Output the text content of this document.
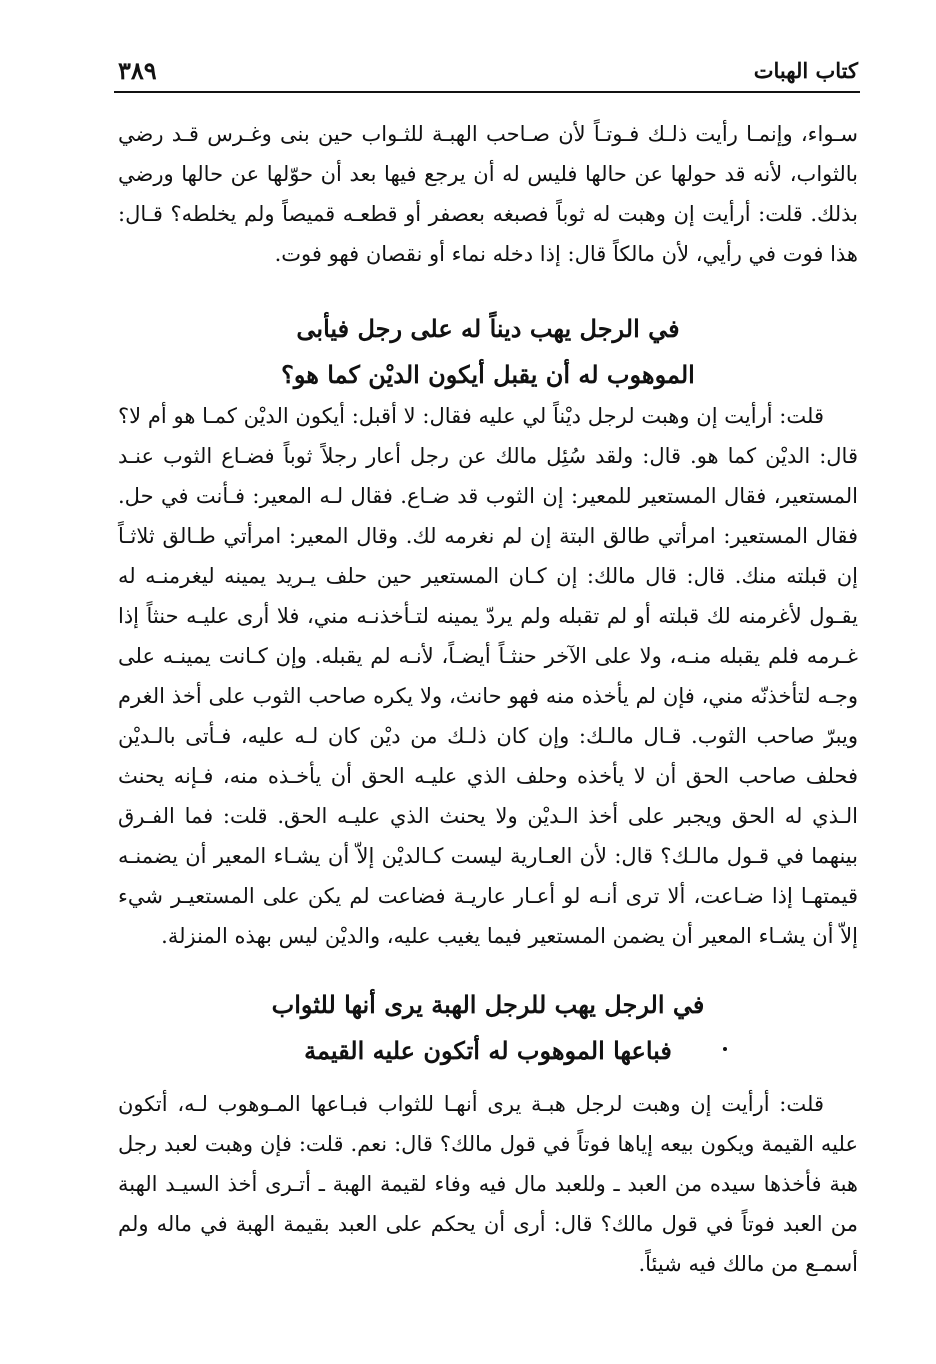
كتاب الهبات
٣٨٩

سـواء، وإنمـا رأيت ذلـك فـوتـاً لأن صـاحب الهبـة للثـواب حين بنى وغـرس قـد رضي بالثواب، لأنه قد حولها عن حالها فليس له أن يرجع فيها بعد أن حوّلها عن حالها ورضي بذلك. قلت: أرأيت إن وهبت له ثوباً فصبغه بعصفر أو قطعـه قميصاً ولم يخلطه؟ قـال: هذا فوت في رأيي، لأن مالكاً قال: إذا دخله نماء أو نقصان فهو فوت.

في الرجل يهب ديناً له على رجل فيأبى
الموهوب له أن يقبل أيكون الديْن كما هو؟

قلت: أرأيت إن وهبت لرجل ديْناً لي عليه فقال: لا أقبل: أيكون الديْن كمـا هو أم لا؟ قال: الديْن كما هو. قال: ولقد سُئِل مالك عن رجل أعار رجلاً ثوباً فضـاع الثوب عنـد المستعير، فقال المستعير للمعير: إن الثوب قد ضـاع. فقال لـه المعير: فـأنت في حل. فقال المستعير: امرأتي طالق البتة إن لم نغرمه لك. وقال المعير: امرأتي طـالق ثلاثـاً إن قبلته منك. قال: قال مالك: إن كـان المستعير حين حلف يـريد يمينه ليغرمنـه له يقـول لأغرمنه لك قبلته أو لم تقبله ولم يردّ يمينه لتـأخذنـه مني، فلا أرى عليـه حنثاً إذا غـرمه فلم يقبله منـه، ولا على الآخر حنثـاً أيضـاً، لأنـه لم يقبله. وإن كـانت يمينـه على وجـه لتأخذنّه مني، فإن لم يأخذه منه فهو حانث، ولا يكره صاحب الثوب على أخذ الغرم ويبرّ صاحب الثوب. قـال مالـك: وإن كان ذلـك من ديْن كان لـه عليه، فـأتى بالـديْن فحلف صاحب الحق أن لا يأخذه وحلف الذي عليـه الحق أن يأخـذه منه، فـإنه يحنث الـذي له الحق ويجبر على أخذ الـديْن ولا يحنث الذي عليـه الحق. قلت: فما الفـرق بينهما في قـول مالـك؟ قال: لأن العـارية ليست كـالديْن إلاّ أن يشـاء المعير أن يضمنـه قيمتهـا إذا ضـاعت، ألا ترى أنـه لو أعـار عاريـة فضاعت لم يكن على المستعيـر شيء إلاّ أن يشـاء المعير أن يضمن المستعير فيما يغيب عليه، والديْن ليس بهذه المنزلة.

في الرجل يهب للرجل الهبة يرى أنها للثواب
فباعها الموهوب له أتكون عليه القيمة

قلت: أرأيت إن وهبت لرجل هبـة يرى أنهـا للثواب فبـاعها المـوهوب لـه، أتكون عليه القيمة ويكون بيعه إياها فوتاً في قول مالك؟ قال: نعم. قلت: فإن وهبت لعبد رجل هبة فأخذها سيده من العبد ـ وللعبد مال فيه وفاء لقيمة الهبة ـ أتـرى أخذ السيـد الهبة من العبد فوتاً في قول مالك؟ قال: أرى أن يحكم على العبد بقيمة الهبة في ماله ولم أسمـع من مالك فيه شيئاً.
